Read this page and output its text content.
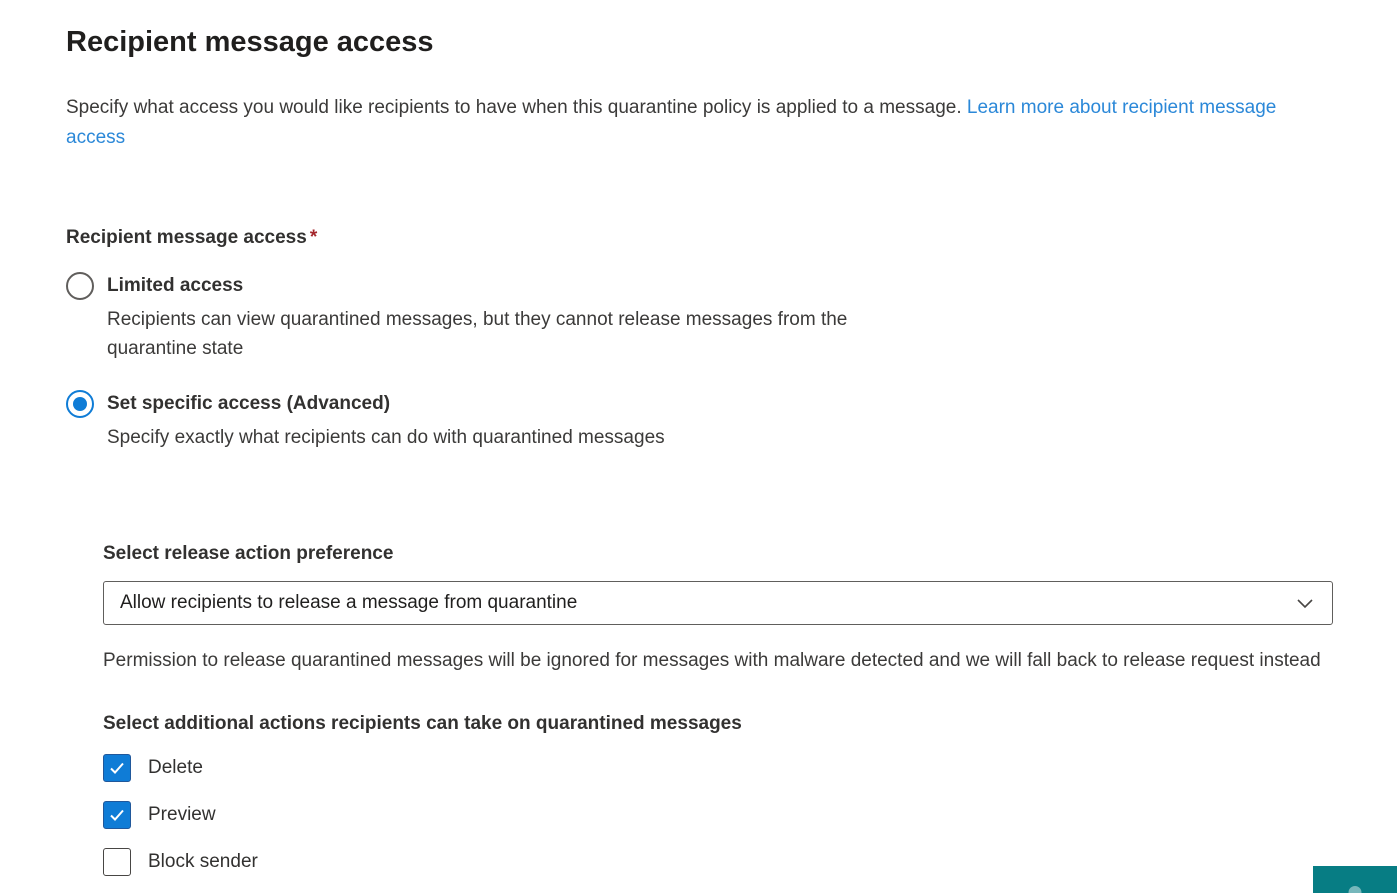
Recipient message access

Specify what access you would like recipients to have when this quarantine policy is applied to a message. Learn more about recipient message access

Recipient message access *
Limited access
Recipients can view quarantined messages, but they cannot release messages from the quarantine state
Set specific access (Advanced)
Specify exactly what recipients can do with quarantined messages
Select release action preference
Allow recipients to release a message from quarantine

Permission to release quarantined messages will be ignored for messages with malware detected and we will fall back to release request instead

Select additional actions recipients can take on quarantined messages
Delete
Preview
Block sender
